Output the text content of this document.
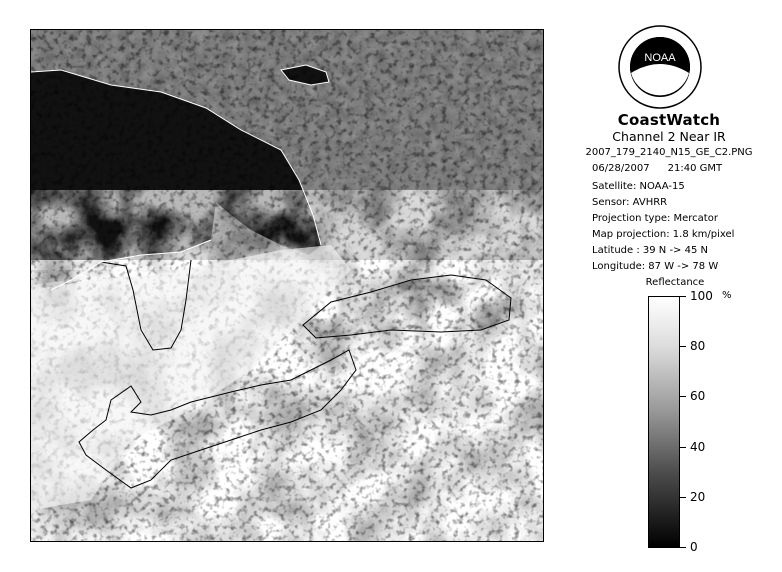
NOAA
CoastWatch
Channel 2 Near IR
2007_179_2140_N15_GE_C2.PNG
06/28/2007 21:40 GMT
Satellite: NOAA-15
Sensor: AVHRR
Projection type: Mercator
Map projection: 1.8 km/pixel
Latitude : 39 N -> 45 N
Longitude: 87 W -> 78 W
Reflectance
%
100
80
60
40
20
0
